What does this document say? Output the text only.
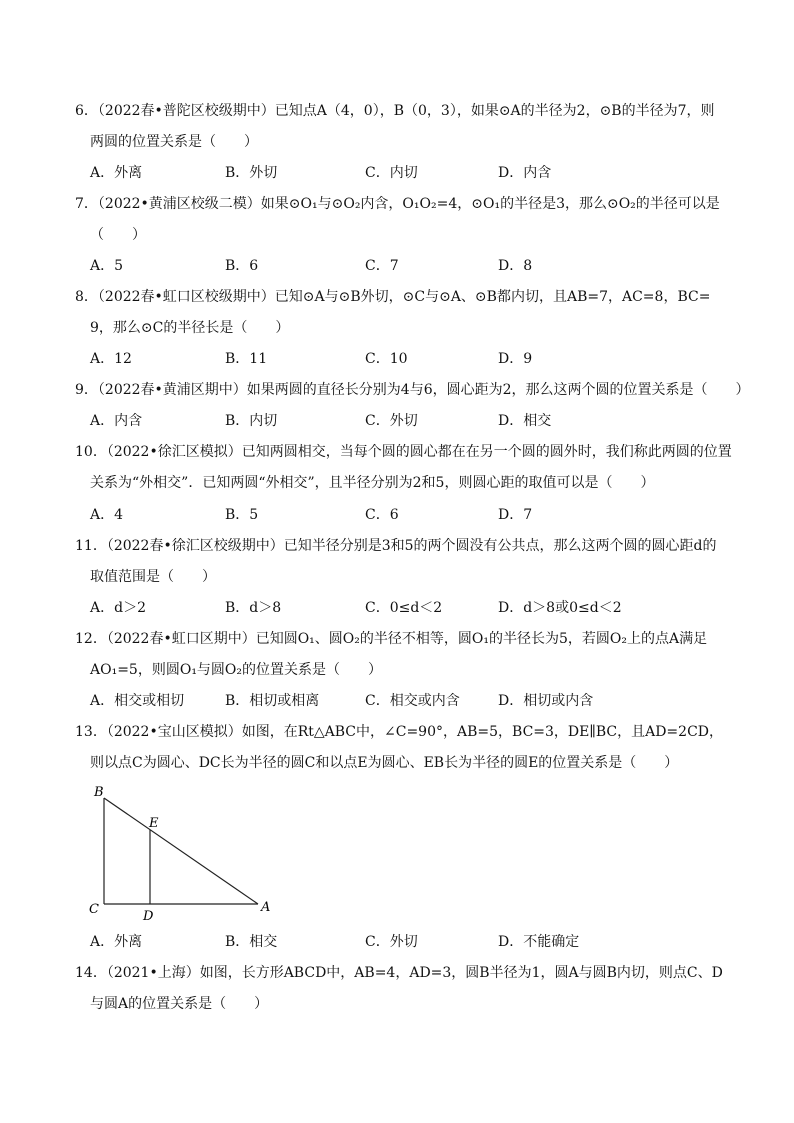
6．（2022春•普陀区校级期中）已知点A（4，0），B（0，3），如果⊙A的半径为2，⊙B的半径为7，则
两圆的位置关系是（　　）
A．外离	B．外切	C．内切	D．内含
7．（2022•黄浦区校级二模）如果⊙O₁与⊙O₂内含，O₁O₂=4，⊙O₁的半径是3，那么⊙O₂的半径可以是
（　　）
A．5	B．6	C．7	D．8
8．（2022春•虹口区校级期中）已知⊙A与⊙B外切，⊙C与⊙A、⊙B都内切，且AB=7，AC=8，BC=
9，那么⊙C的半径长是（　　）
A．12	B．11	C．10	D．9
9．（2022春•黄浦区期中）如果两圆的直径长分别为4与6，圆心距为2，那么这两个圆的位置关系是（　　）
A．内含	B．内切	C．外切	D．相交
10．（2022•徐汇区模拟）已知两圆相交，当每个圆的圆心都在在另一个圆的圆外时，我们称此两圆的位置
关系为“外相交”．已知两圆“外相交”，且半径分别为2和5，则圆心距的取值可以是（　　）
A．4	B．5	C．6	D．7
11．（2022春•徐汇区校级期中）已知半径分别是3和5的两个圆没有公共点，那么这两个圆的圆心距d的
取值范围是（　　）
A．d＞2	B．d＞8	C．0≤d＜2	D．d＞8或0≤d＜2
12．（2022春•虹口区期中）已知圆O₁、圆O₂的半径不相等，圆O₁的半径长为5，若圆O₂上的点A满足
AO₁=5，则圆O₁与圆O₂的位置关系是（　　）
A．相交或相切	B．相切或相离	C．相交或内含	D．相切或内含
13．（2022•宝山区模拟）如图，在Rt△ABC中，∠C=90°，AB=5，BC=3，DE∥BC，且AD=2CD，
则以点C为圆心、DC长为半径的圆C和以点E为圆心、EB长为半径的圆E的位置关系是（　　）
B
E
C	D
A
A．外离	B．相交	C．外切	D．不能确定
14．（2021•上海）如图，长方形ABCD中，AB=4，AD=3，圆B半径为1，圆A与圆B内切，则点C、D
与圆A的位置关系是（　　）
